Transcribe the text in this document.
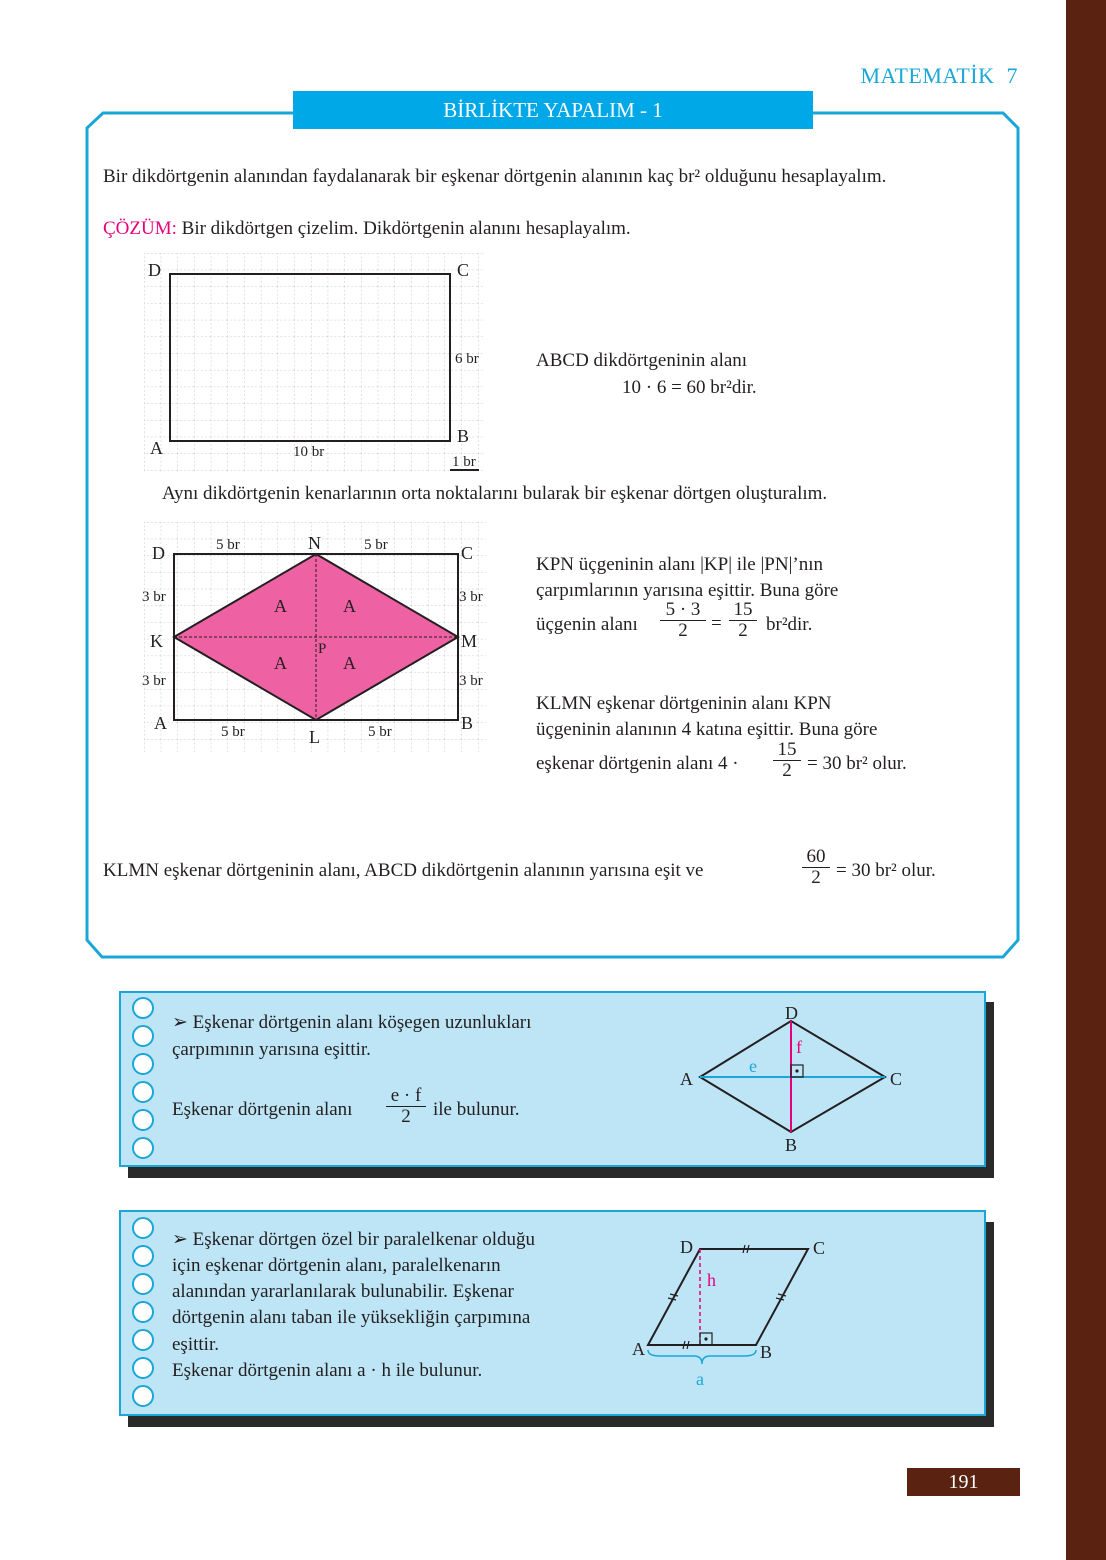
MATEMATİK 7
BİRLİKTE YAPALIM - 1
Bir dikdörtgenin alanından faydalanarak bir eşkenar dörtgenin alanının kaç br² olduğunu hesaplayalım.
ÇÖZÜM: Bir dikdörtgen çizelim. Dikdörtgenin alanını hesaplayalım.
D	C
A
B
6 br
10 br
1 br
ABCD dikdörtgeninin alanı
10 · 6 = 60 br²dir.
Aynı dikdörtgenin kenarlarının orta noktalarını bularak bir eşkenar dörtgen oluşturalım.
D	C
A	B
N
K	M
L
P
A	A
A	A
5 br	5 br
5 br	5 br
3 br
3 br
3 br
3 br
KPN üçgeninin alanı |KP| ile |PN|’nın
çarpımlarının yarısına eşittir. Buna göre
üçgenin alanı $\frac{5 \cdot 3}{2} = \frac{15}{2} br^2dir$.
KLMN eşkenar dörtgeninin alanı KPN
üçgeninin alanının 4 katına eşittir. Buna göre
eşkenar dörtgenin alanı $4 \cdot \frac{15}{2} = 30$ br² olur.
KLMN eşkenar dörtgeninin alanı, ABCD dikdörtgenin alanının yarısına eşit ve	$\frac{60}{2} = 30$ br² olur.
➢ Eşkenar dörtgenin alanı köşegen uzunlukları
çarpımının yarısına eşittir.
Eşkenar dörtgenin alanı $\frac{e \cdot f}{2}$ ile bulunur.
D
A	C
B
e
f
➢ Eşkenar dörtgen özel bir paralelkenar olduğu
için eşkenar dörtgenin alanı, paralelkenarın
alanından yararlanılarak bulunabilir. Eşkenar
dörtgenin alanı taban ile yüksekliğin çarpımına
eşittir.
Eşkenar dörtgenin alanı a · h ile bulunur.
D	C
A	B
h
a
191
